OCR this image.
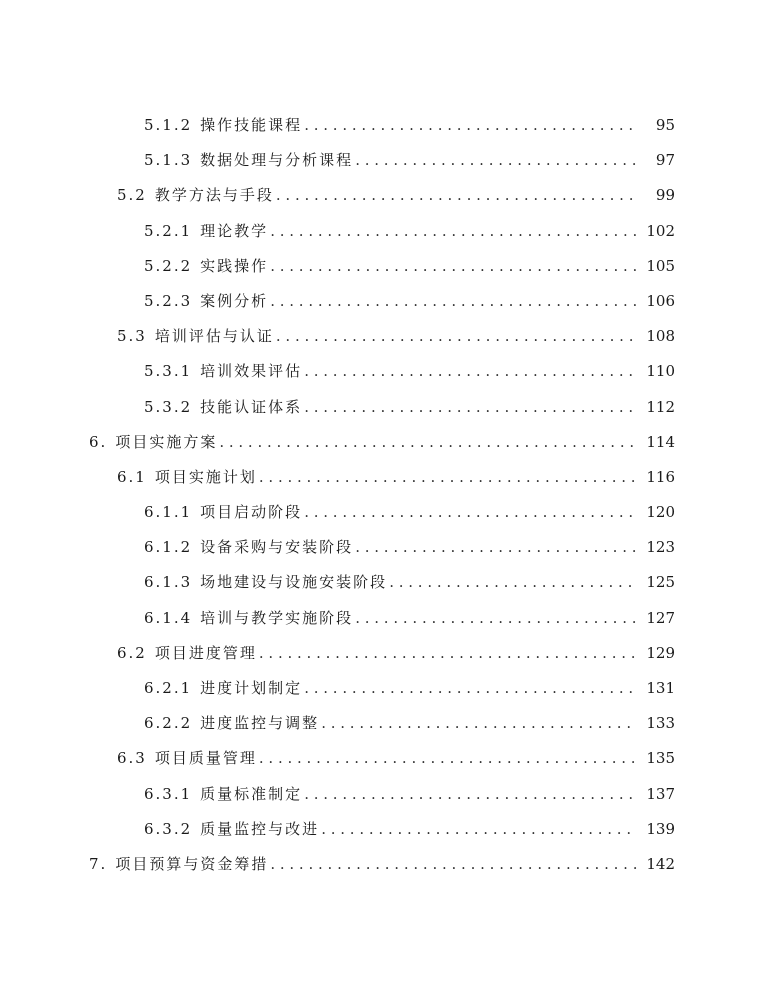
5.1.2 操作技能课程 . . .	95
5.1.3 数据处理与分析课程 . . .	97
5.2 教学方法与手段 . . .	99
5.2.1 理论教学 . . .	102
5.2.2 实践操作 . . .	105
5.2.3 案例分析 . . .	106
5.3 培训评估与认证 . . .	108
5.3.1 培训效果评估 . . .	110
5.3.2 技能认证体系 . . .	112
6. 项目实施方案 . . .	114
6.1 项目实施计划 . . .	116
6.1.1 项目启动阶段 . . .	120
6.1.2 设备采购与安装阶段 . . .	123
6.1.3 场地建设与设施安装阶段 . . .	125
6.1.4 培训与教学实施阶段 . . .	127
6.2 项目进度管理 . . .	129
6.2.1 进度计划制定 . . .	131
6.2.2 进度监控与调整 . . .	133
6.3 项目质量管理 . . .	135
6.3.1 质量标准制定 . . .	137
6.3.2 质量监控与改进 . . .	139
7. 项目预算与资金筹措 . . .	142
